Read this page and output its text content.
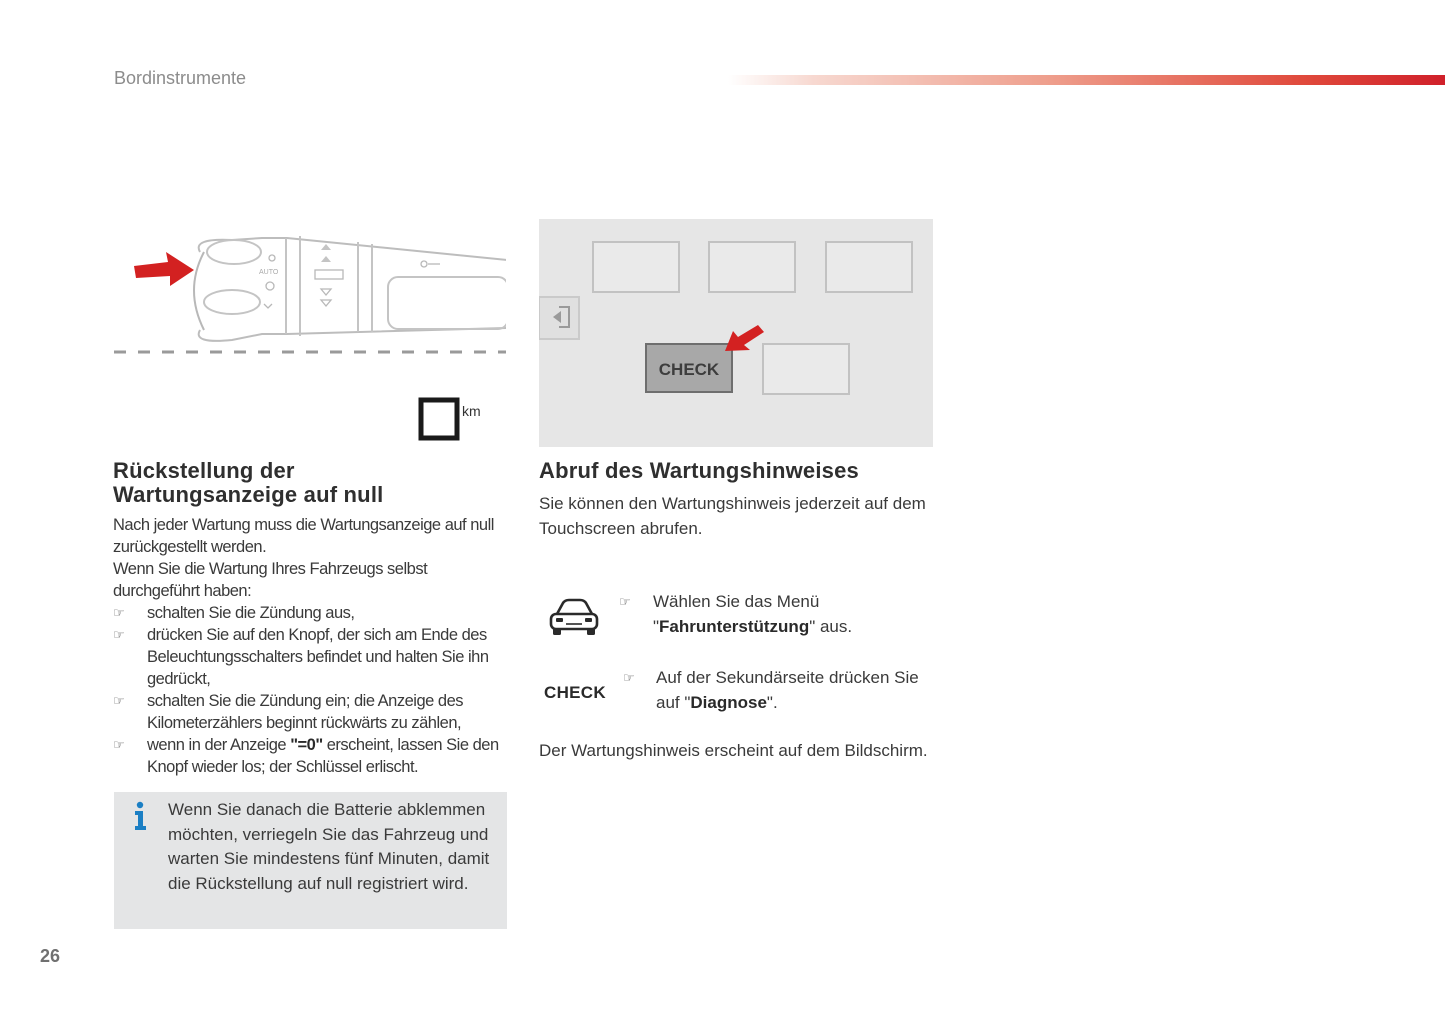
Bordinstrumente
AUTO
km
CHECK
Rückstellung der
Wartungsanzeige auf null
Nach jeder Wartung muss die Wartungsanzeige auf null zurückgestellt werden.
Wenn Sie die Wartung Ihres Fahrzeugs selbst durchgeführt haben:
☞ schalten Sie die Zündung aus,
☞ drücken Sie auf den Knopf, der sich am Ende des Beleuchtungsschalters befindet und halten Sie ihn gedrückt,
☞ schalten Sie die Zündung ein; die Anzeige des Kilometerzählers beginnt rückwärts zu zählen,
☞ wenn in der Anzeige "=0" erscheint, lassen Sie den Knopf wieder los; der Schlüssel erlischt.
Wenn Sie danach die Batterie abklemmen möchten, verriegeln Sie das Fahrzeug und warten Sie mindestens fünf Minuten, damit die Rückstellung auf null registriert wird.
Abruf des Wartungshinweises
Sie können den Wartungshinweis jederzeit auf dem Touchscreen abrufen.
☞ Wählen Sie das Menü "Fahrunterstützung" aus.
CHECK
☞ Auf der Sekundärseite drücken Sie auf "Diagnose".
Der Wartungshinweis erscheint auf dem Bildschirm.
26
